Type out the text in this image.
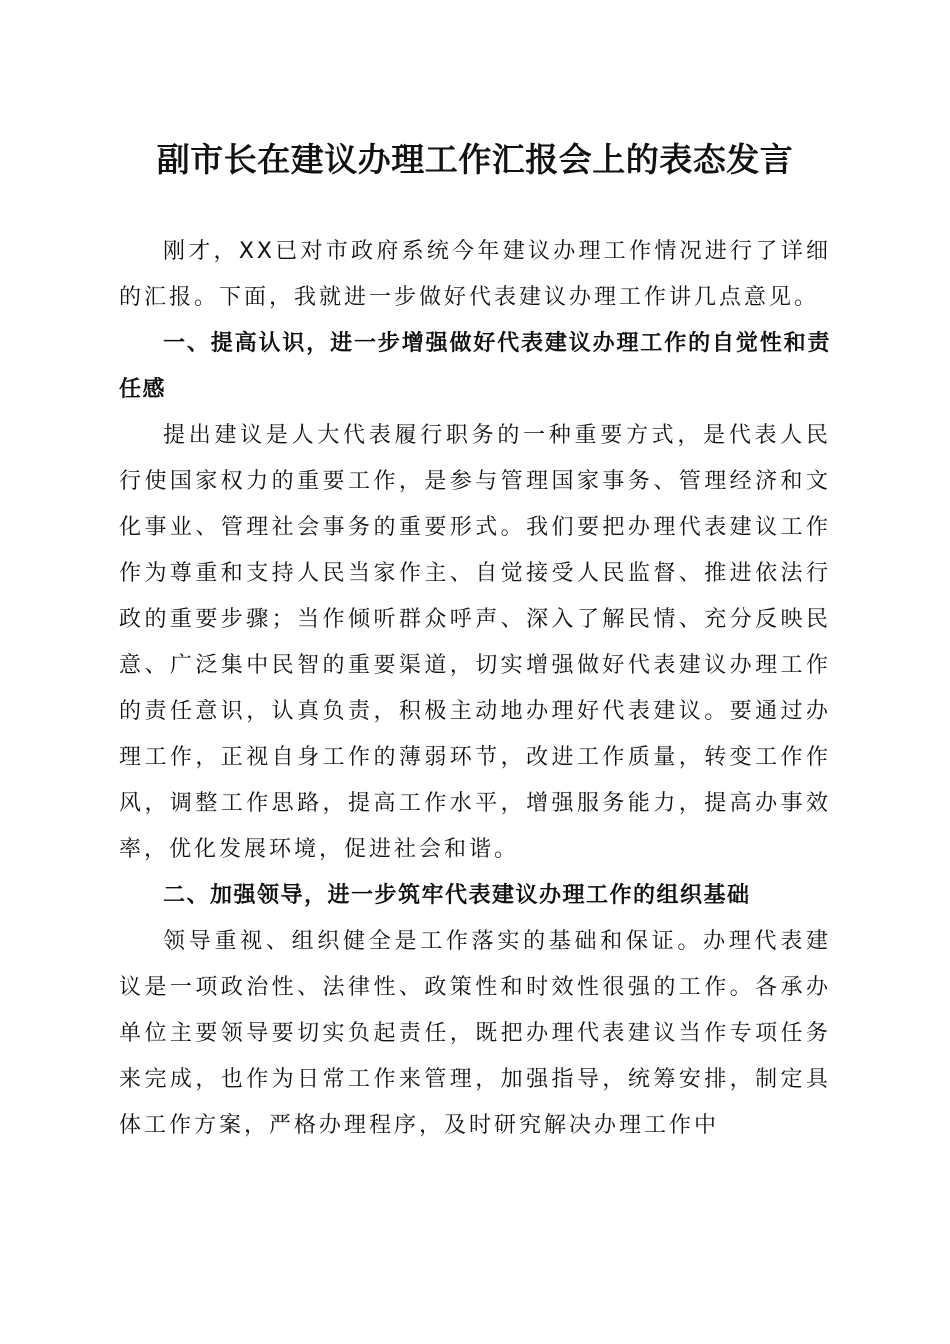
副市长在建议办理工作汇报会上的表态发言

刚才，XX已对市政府系统今年建议办理工作情况进行了详细的汇报。下面，我就进一步做好代表建议办理工作讲几点意见。

一、提高认识，进一步增强做好代表建议办理工作的自觉性和责任感

提出建议是人大代表履行职务的一种重要方式，是代表人民行使国家权力的重要工作，是参与管理国家事务、管理经济和文化事业、管理社会事务的重要形式。我们要把办理代表建议工作作为尊重和支持人民当家作主、自觉接受人民监督、推进依法行政的重要步骤；当作倾听群众呼声、深入了解民情、充分反映民意、广泛集中民智的重要渠道，切实增强做好代表建议办理工作的责任意识，认真负责，积极主动地办理好代表建议。要通过办理工作，正视自身工作的薄弱环节，改进工作质量，转变工作作风，调整工作思路，提高工作水平，增强服务能力，提高办事效率，优化发展环境，促进社会和谐。

二、加强领导，进一步筑牢代表建议办理工作的组织基础

领导重视、组织健全是工作落实的基础和保证。办理代表建议是一项政治性、法律性、政策性和时效性很强的工作。各承办单位主要领导要切实负起责任，既把办理代表建议当作专项任务来完成，也作为日常工作来管理，加强指导，统筹安排，制定具体工作方案，严格办理程序，及时研究解决办理工作中
